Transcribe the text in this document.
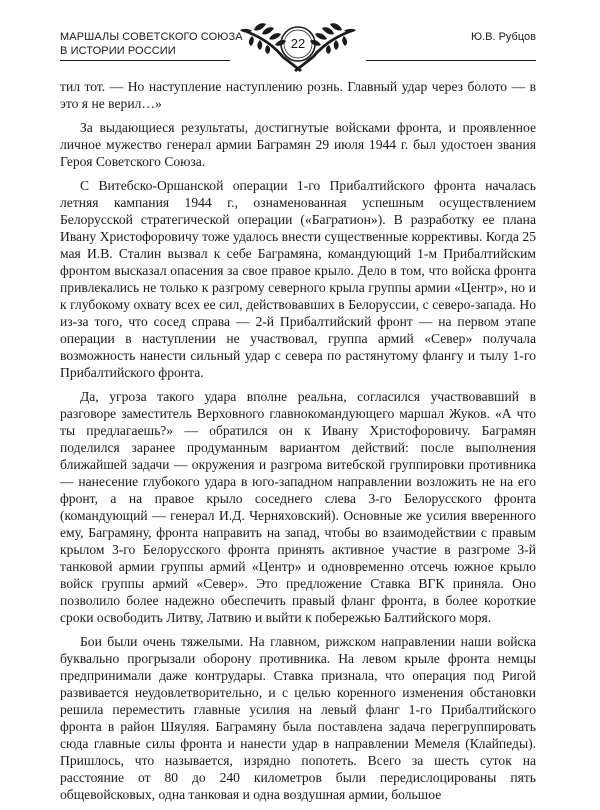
МАРШАЛЫ СОВЕТСКОГО СОЮЗА
В ИСТОРИИ РОССИИ	22	Ю.В. Рубцов

тил тот. — Но наступление наступлению рознь. Главный удар через болото — в это я не верил…»

За выдающиеся результаты, достигнутые войсками фронта, и проявленное личное мужество генерал армии Баграмян 29 июля 1944 г. был удостоен звания Героя Советского Союза.

С Витебско-Оршанской операции 1-го Прибалтийского фронта началась летняя кампания 1944 г., ознаменованная успешным осуществлением Белорусской стратегической операции («Багратион»). В разработку ее плана Ивану Христофоровичу тоже удалось внести существенные коррективы. Когда 25 мая И.В. Сталин вызвал к себе Баграмяна, командующий 1-м Прибалтийским фронтом высказал опасения за свое правое крыло. Дело в том, что войска фронта привлекались не только к разгрому северного крыла группы армии «Центр», но и к глубокому охвату всех ее сил, действовавших в Белоруссии, с северо-запада. Но из-за того, что сосед справа — 2-й Прибалтийский фронт — на первом этапе операции в наступлении не участвовал, группа армий «Север» получала возможность нанести сильный удар с севера по растянутому флангу и тылу 1-го Прибалтийского фронта.

Да, угроза такого удара вполне реальна, согласился участвовавший в разговоре заместитель Верховного главнокомандующего маршал Жуков. «А что ты предлагаешь?» — обратился он к Ивану Христофоровичу. Баграмян поделился заранее продуманным вариантом действий: после выполнения ближайшей задачи — окружения и разгрома витебской группировки противника — нанесение глубокого удара в юго-западном направлении возложить не на его фронт, а на правое крыло соседнего слева 3-го Белорусского фронта (командующий — генерал И.Д. Черняховский). Основные же усилия вверенного ему, Баграмяну, фронта направить на запад, чтобы во взаимодействии с правым крылом 3-го Белорусского фронта принять активное участие в разгроме 3-й танковой армии группы армий «Центр» и одновременно отсечь южное крыло войск группы армий «Север». Это предложение Ставка ВГК приняла. Оно позволило более надежно обеспечить правый фланг фронта, в более короткие сроки освободить Литву, Латвию и выйти к побережью Балтийского моря.

Бои были очень тяжелыми. На главном, рижском направлении наши войска буквально прогрызали оборону противника. На левом крыле фронта немцы предпринимали даже контрудары. Ставка признала, что операция под Ригой развивается неудовлетворительно, и с целью коренного изменения обстановки решила переместить главные усилия на левый фланг 1-го Прибалтийского фронта в район Шяуляя. Баграмяну была поставлена задача перегруппировать сюда главные силы фронта и нанести удар в направлении Мемеля (Клайпеды). Пришлось, что называется, изрядно попотеть. Всего за шесть суток на расстояние от 80 до 240 километров были передислоцированы пять общевойсковых, одна танковая и одна воздушная армии, большое
